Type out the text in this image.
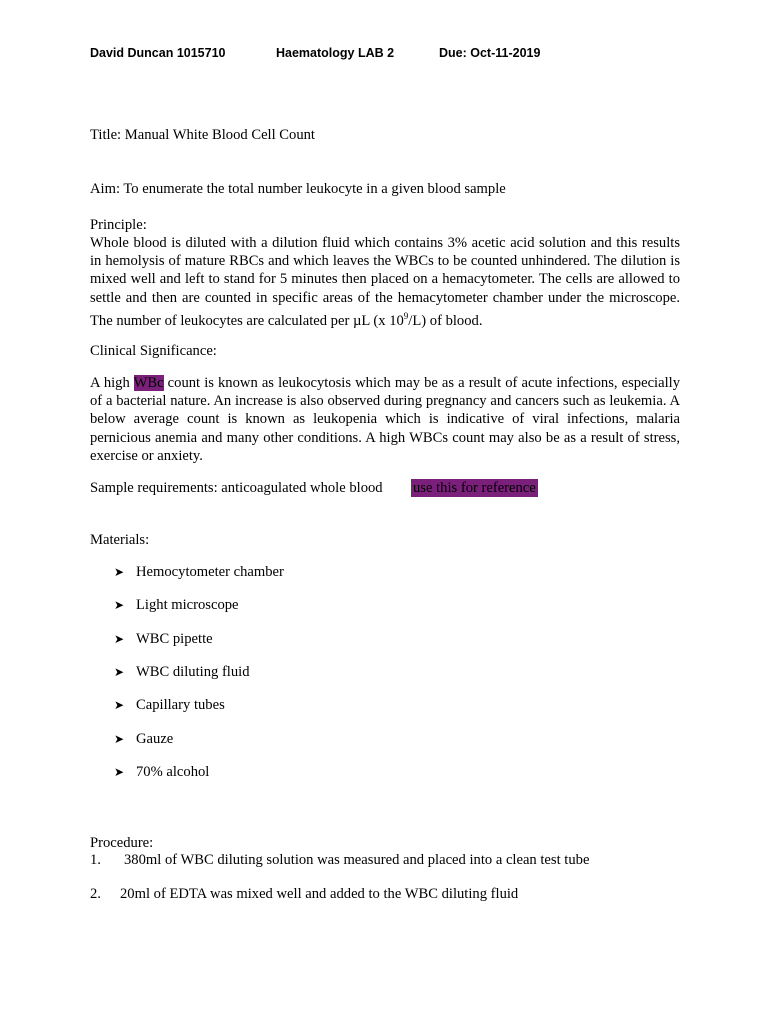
David Duncan 1015710	Haematology LAB 2	Due: Oct-11-2019
Title: Manual White Blood Cell Count
Aim: To enumerate the total number leukocyte in a given blood sample
Principle:
Whole blood is diluted with a dilution fluid which contains 3% acetic acid solution and this results in hemolysis of mature RBCs and which leaves the WBCs to be counted unhindered. The dilution is mixed well and left to stand for 5 minutes then placed on a hemacytometer. The cells are allowed to settle and then are counted in specific areas of the hemacytometer chamber under the microscope. The number of leukocytes are calculated per µL (x $10^9/L$) of blood.
Clinical Significance:
A high WBc count is known as leukocytosis which may be as a result of acute infections, especially of a bacterial nature. An increase is also observed during pregnancy and cancers such as leukemia. A below average count is known as leukopenia which is indicative of viral infections, malaria pernicious anemia and many other conditions. A high WBCs count may also be as a result of stress, exercise or anxiety.
Sample requirements: anticoagulated whole blood use this for reference
Materials:
➤ Hemocytometer chamber
➤ Light microscope
➤ WBC pipette
➤ WBC diluting fluid
➤ Capillary tubes
➤ Gauze
➤ 70% alcohol
Procedure:
1. 380ml of WBC diluting solution was measured and placed into a clean test tube
2. 20ml of EDTA was mixed well and added to the WBC diluting fluid
